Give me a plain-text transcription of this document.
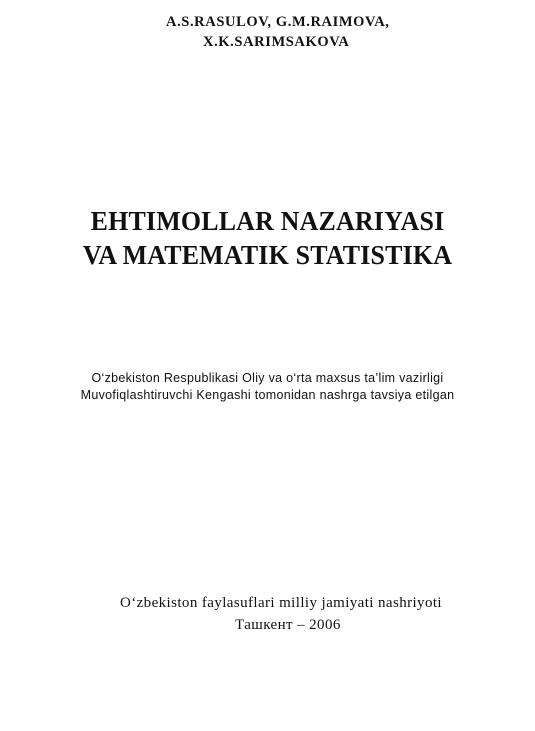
A.S.RASULOV, G.M.RAIMOVA,
X.K.SARIMSAKOVA
EHTIMOLLAR NAZARIYASI
VA MATEMATIK STATISTIKA
O‘zbekiston Respublikasi Oliy va o‘rta maxsus ta’lim vazirligi
Muvofiqlashtiruvchi Kengashi tomonidan nashrga tavsiya etilgan
O‘zbekiston faylasuflari milliy jamiyati nashriyoti
Ташкент – 2006
